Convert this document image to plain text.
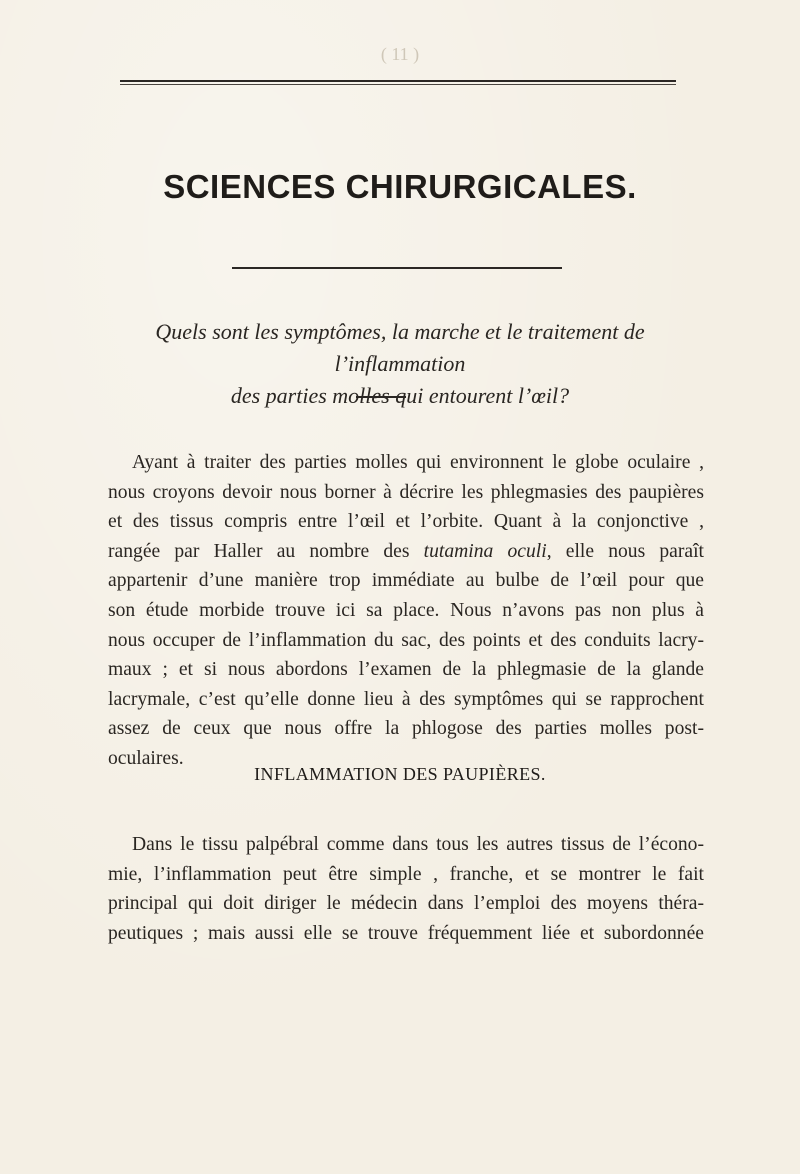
( 11 )
SCIENCES CHIRURGICALES.
Quels sont les symptômes, la marche et le traitement de l’inflammation
des parties molles qui entourent l’œil?
Ayant à traiter des parties molles qui environnent le globe oculaire ,
nous croyons devoir nous borner à décrire les phlegmasies des paupières
et des tissus compris entre l’œil et l’orbite. Quant à la conjonctive ,
rangée par Haller au nombre des tutamina oculi, elle nous paraît
appartenir d’une manière trop immédiate au bulbe de l’œil pour que
son étude morbide trouve ici sa place. Nous n’avons pas non plus à
nous occuper de l’inflammation du sac, des points et des conduits lacry-
maux ; et si nous abordons l’examen de la phlegmasie de la glande
lacrymale, c’est qu’elle donne lieu à des symptômes qui se rapprochent
assez de ceux que nous offre la phlogose des parties molles post-
oculaires.
INFLAMMATION DES PAUPIÈRES.
Dans le tissu palpébral comme dans tous les autres tissus de l’écono-
mie, l’inflammation peut être simple , franche, et se montrer le fait
principal qui doit diriger le médecin dans l’emploi des moyens théra-
peutiques ; mais aussi elle se trouve fréquemment liée et subordonnée
